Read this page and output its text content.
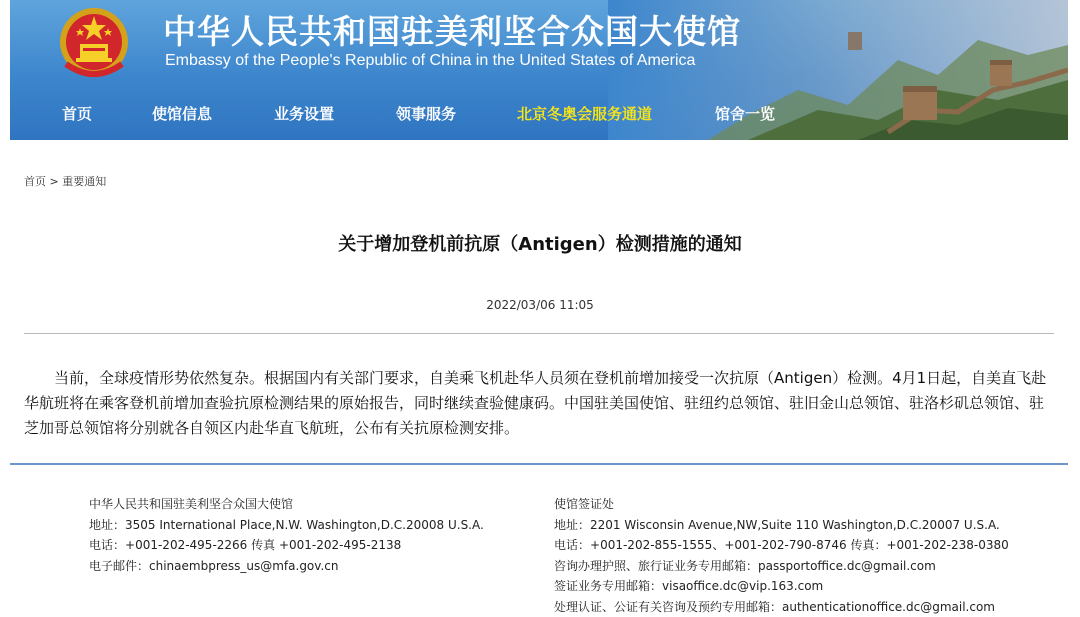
中华人民共和国驻美利坚合众国大使馆

Embassy of the People's Republic of China in the United States of America

首页	使馆信息	业务设置	领事服务	北京冬奥会服务通道	馆舍一览
首页 > 重要通知
关于增加登机前抗原（Antigen）检测措施的通知
2022/03/06 11:05

当前，全球疫情形势依然复杂。根据国内有关部门要求，自美乘飞机赴华人员须在登机前增加接受一次抗原（Antigen）检测。4月1日起，自美直飞赴华航班将在乘客登机前增加查验抗原检测结果的原始报告，同时继续查验健康码。中国驻美国使馆、驻纽约总领馆、驻旧金山总领馆、驻洛杉矶总领馆、驻芝加哥总领馆将分别就各自领区内赴华直飞航班，公布有关抗原检测安排。

中华人民共和国驻美利坚合众国大使馆
地址：3505 International Place,N.W. Washington,D.C.20008 U.S.A.
电话：+001-202-495-2266 传真 +001-202-495-2138
电子邮件：chinaembpress_us@mfa.gov.cn
使馆签证处
地址：2201 Wisconsin Avenue,NW,Suite 110 Washington,D.C.20007 U.S.A.
电话：+001-202-855-1555、+001-202-790-8746 传真：+001-202-238-0380
咨询办理护照、旅行证业务专用邮箱：passportoffice.dc@gmail.com
签证业务专用邮箱：visaoffice.dc@vip.163.com
处理认证、公证有关咨询及预约专用邮箱：authenticationoffice.dc@gmail.com
